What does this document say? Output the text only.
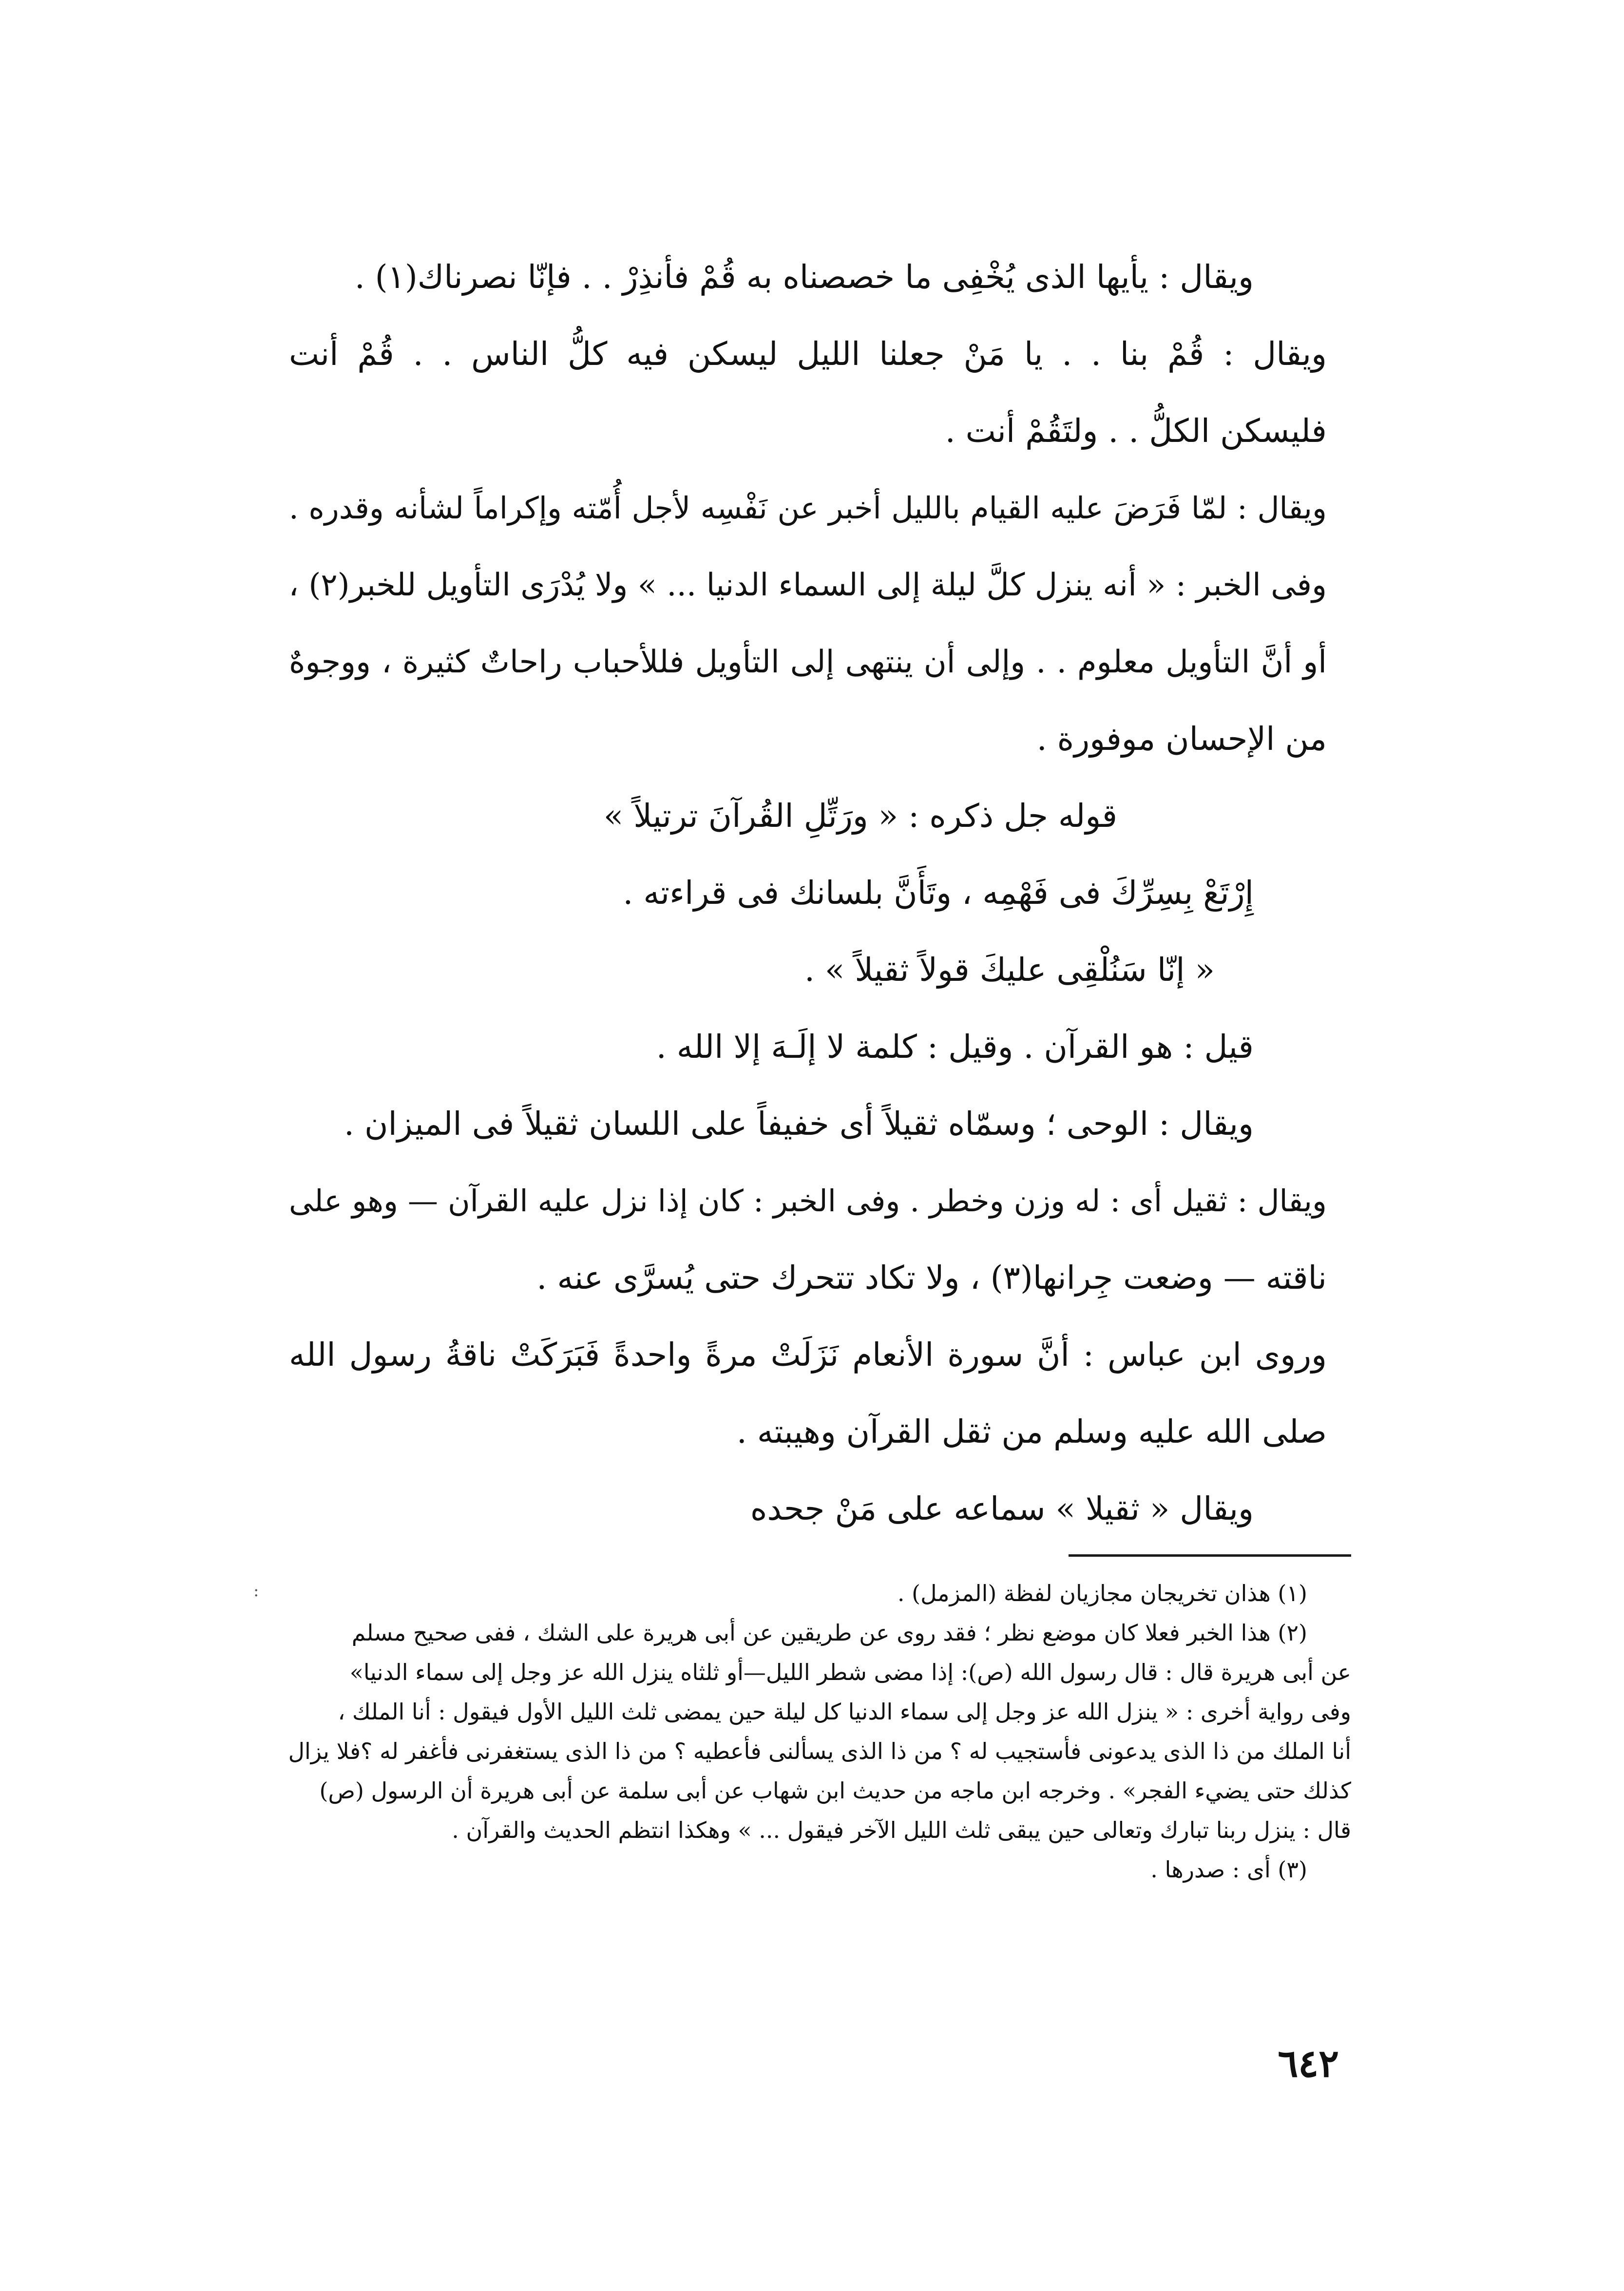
ويقال : يأيها الذى يُخْفِى ما خصصناه به قُمْ فأنذِرْ . . فإنّا نصرناك(١) .
ويقال : قُمْ بنا . . يا مَنْ جعلنا الليل ليسكن فيه كلُّ الناس . . قُمْ أنت
فليسكن الكلُّ . . ولتَقُمْ أنت .
ويقال : لمّا فَرَضَ عليه القيام بالليل أخبر عن نَفْسِه لأجل أُمّته وإكراماً لشأنه وقدره .
وفى الخبر : « أنه ينزل كلَّ ليلة إلى السماء الدنيا ... » ولا يُدْرَى التأويل للخبر(٢) ،
أو أنَّ التأويل معلوم . . وإلى أن ينتهى إلى التأويل فللأحباب راحاتٌ كثيرة ، ووجوهٌ
من الإحسان موفورة .
قوله جل ذكره : « ورَتِّلِ القُرآنَ ترتيلاً »
إِرْتَعْ بِسِرِّكَ فى فَهْمِه ، وتَأَنَّ بلسانك فى قراءته .
« إنّا سَنُلْقِى عليكَ قولاً ثقيلاً » .
قيل : هو القرآن . وقيل : كلمة لا إلَـهَ إلا الله .
ويقال : الوحى ؛ وسمّاه ثقيلاً أى خفيفاً على اللسان ثقيلاً فى الميزان .
ويقال : ثقيل أى : له وزن وخطر . وفى الخبر : كان إذا نزل عليه القرآن — وهو على
ناقته — وضعت جِرانها(٣) ، ولا تكاد تتحرك حتى يُسرَّى عنه .
وروى ابن عباس : أنَّ سورة الأنعام نَزَلَتْ مرةً واحدةً فَبَرَكَتْ ناقةُ رسول الله
صلى الله عليه وسلم من ثقل القرآن وهيبته .
ويقال « ثقيلا » سماعه على مَنْ جحده
:	(١) هذان تخريجان مجازيان لفظة (المزمل) .
(٢) هذا الخبر فعلا كان موضع نظر ؛ فقد روى عن طريقين عن أبى هريرة على الشك ، ففى صحيح مسلم
عن أبى هريرة قال : قال رسول الله (ص): إذا مضى شطر الليل—أو ثلثاه ينزل الله عز وجل إلى سماء الدنيا»
وفى رواية أخرى : « ينزل الله عز وجل إلى سماء الدنيا كل ليلة حين يمضى ثلث الليل الأول فيقول : أنا الملك ،
أنا الملك من ذا الذى يدعونى فأستجيب له ؟ من ذا الذى يسألنى فأعطيه ؟ من ذا الذى يستغفرنى فأغفر له ؟فلا يزال
كذلك حتى يضيء الفجر» . وخرجه ابن ماجه من حديث ابن شهاب عن أبى سلمة عن أبى هريرة أن الرسول (ص)
قال : ينزل ربنا تبارك وتعالى حين يبقى ثلث الليل الآخر فيقول ... » وهكذا انتظم الحديث والقرآن .
(٣) أى : صدرها .
٦٤٢
